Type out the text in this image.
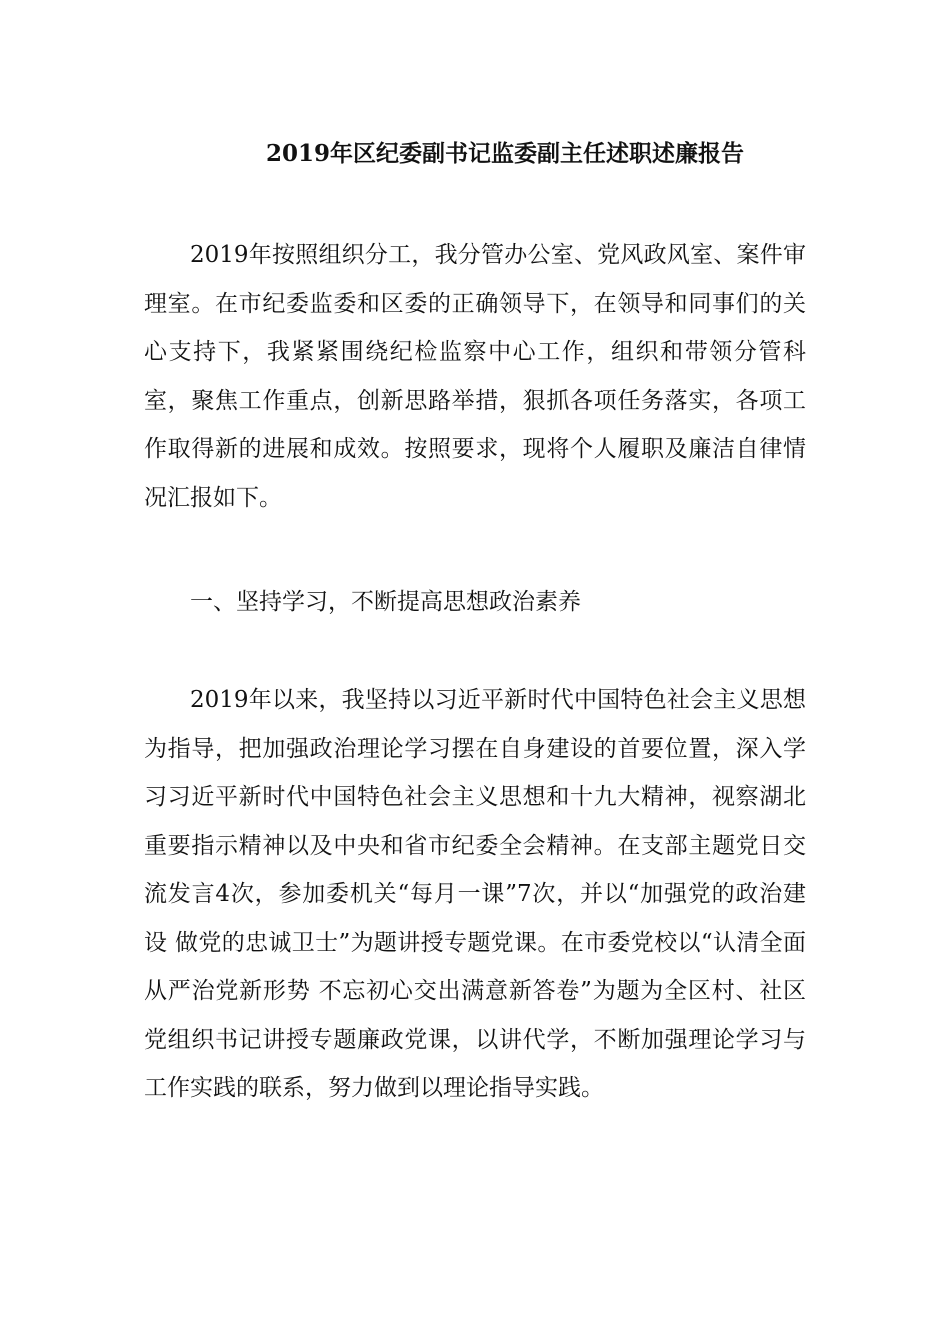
2019年区纪委副书记监委副主任述职述廉报告

2019年按照组织分工，我分管办公室、党风政风室、案件审理室。在市纪委监委和区委的正确领导下，在领导和同事们的关心支持下，我紧紧围绕纪检监察中心工作，组织和带领分管科室，聚焦工作重点，创新思路举措，狠抓各项任务落实，各项工作取得新的进展和成效。按照要求，现将个人履职及廉洁自律情况汇报如下。

一、坚持学习，不断提高思想政治素养

2019年以来，我坚持以习近平新时代中国特色社会主义思想为指导，把加强政治理论学习摆在自身建设的首要位置，深入学习习近平新时代中国特色社会主义思想和十九大精神，视察湖北重要指示精神以及中央和省市纪委全会精神。在支部主题党日交流发言4次，参加委机关“每月一课”7次，并以“加强党的政治建设 做党的忠诚卫士”为题讲授专题党课。在市委党校以“认清全面从严治党新形势 不忘初心交出满意新答卷”为题为全区村、社区党组织书记讲授专题廉政党课，以讲代学，不断加强理论学习与工作实践的联系，努力做到以理论指导实践。
